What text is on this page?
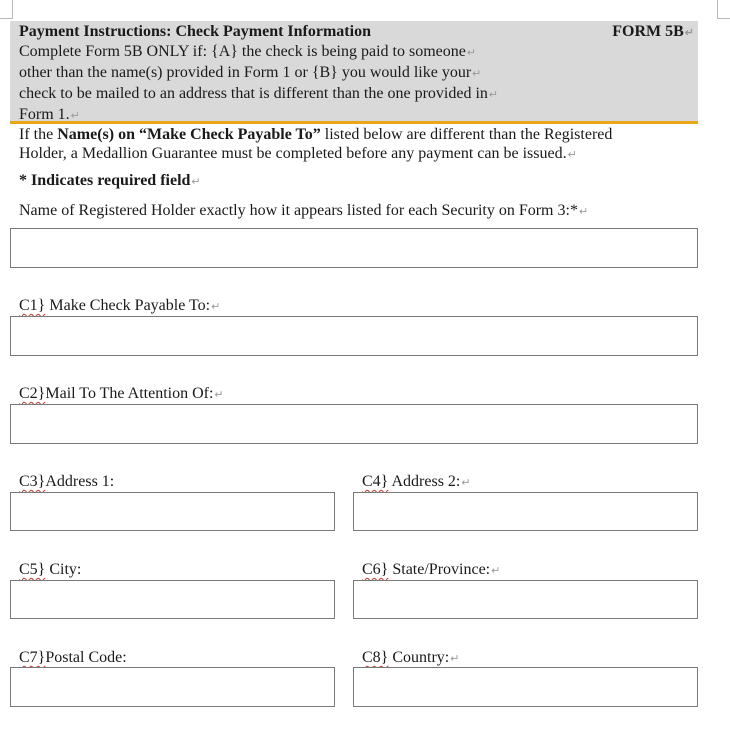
Payment Instructions: Check Payment Information	FORM 5B↵
Complete Form 5B ONLY if: {A} the check is being paid to someone↵
other than the name(s) provided in Form 1 or {B} you would like your↵
check to be mailed to an address that is different than the one provided in↵
Form 1.↵
If the Name(s) on “Make Check Payable To” listed below are different than the Registered
Holder, a Medallion Guarantee must be completed before any payment can be issued.↵
* Indicates required field↵
Name of Registered Holder exactly how it appears listed for each Security on Form 3:*↵
C1} Make Check Payable To:↵
C2}Mail To The Attention Of:↵
C3}Address 1:	C4} Address 2:↵
C5} City:	C6} State/Province:↵
C7}Postal Code:	C8} Country:↵
